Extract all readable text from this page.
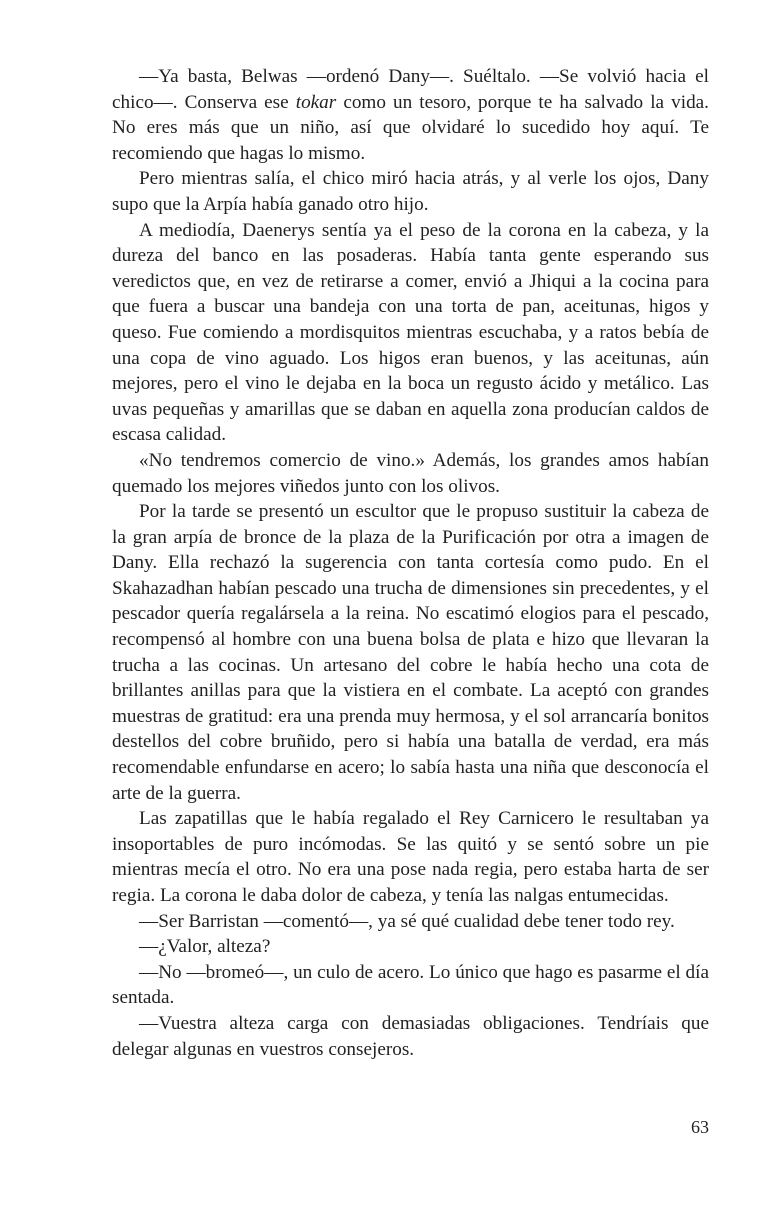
—Ya basta, Belwas —ordenó Dany—. Suéltalo. —Se volvió hacia el chico—. Conserva ese tokar como un tesoro, porque te ha salvado la vida. No eres más que un niño, así que olvidaré lo sucedido hoy aquí. Te recomiendo que hagas lo mismo.

Pero mientras salía, el chico miró hacia atrás, y al verle los ojos, Dany supo que la Arpía había ganado otro hijo.

A mediodía, Daenerys sentía ya el peso de la corona en la cabeza, y la dureza del banco en las posaderas. Había tanta gente esperando sus veredictos que, en vez de retirarse a comer, envió a Jhiqui a la cocina para que fuera a buscar una bandeja con una torta de pan, aceitunas, higos y queso. Fue comiendo a mordisquitos mientras escuchaba, y a ratos bebía de una copa de vino aguado. Los higos eran buenos, y las aceitunas, aún mejores, pero el vino le dejaba en la boca un regusto ácido y metálico. Las uvas pequeñas y amarillas que se daban en aquella zona producían caldos de escasa calidad.

«No tendremos comercio de vino.» Además, los grandes amos habían quemado los mejores viñedos junto con los olivos.

Por la tarde se presentó un escultor que le propuso sustituir la cabeza de la gran arpía de bronce de la plaza de la Purificación por otra a imagen de Dany. Ella rechazó la sugerencia con tanta cortesía como pudo. En el Skahazadhan habían pescado una trucha de dimensiones sin precedentes, y el pescador quería regalársela a la reina. No escatimó elogios para el pescado, recompensó al hombre con una buena bolsa de plata e hizo que llevaran la trucha a las cocinas. Un artesano del cobre le había hecho una cota de brillantes anillas para que la vistiera en el combate. La aceptó con grandes muestras de gratitud: era una prenda muy hermosa, y el sol arrancaría bonitos destellos del cobre bruñido, pero si había una batalla de verdad, era más recomendable enfundarse en acero; lo sabía hasta una niña que desconocía el arte de la guerra.

Las zapatillas que le había regalado el Rey Carnicero le resultaban ya insoportables de puro incómodas. Se las quitó y se sentó sobre un pie mientras mecía el otro. No era una pose nada regia, pero estaba harta de ser regia. La corona le daba dolor de cabeza, y tenía las nalgas entumecidas.

—Ser Barristan —comentó—, ya sé qué cualidad debe tener todo rey.

—¿Valor, alteza?

—No —bromeó—, un culo de acero. Lo único que hago es pasarme el día sentada.

—Vuestra alteza carga con demasiadas obligaciones. Tendríais que delegar algunas en vuestros consejeros.

63
